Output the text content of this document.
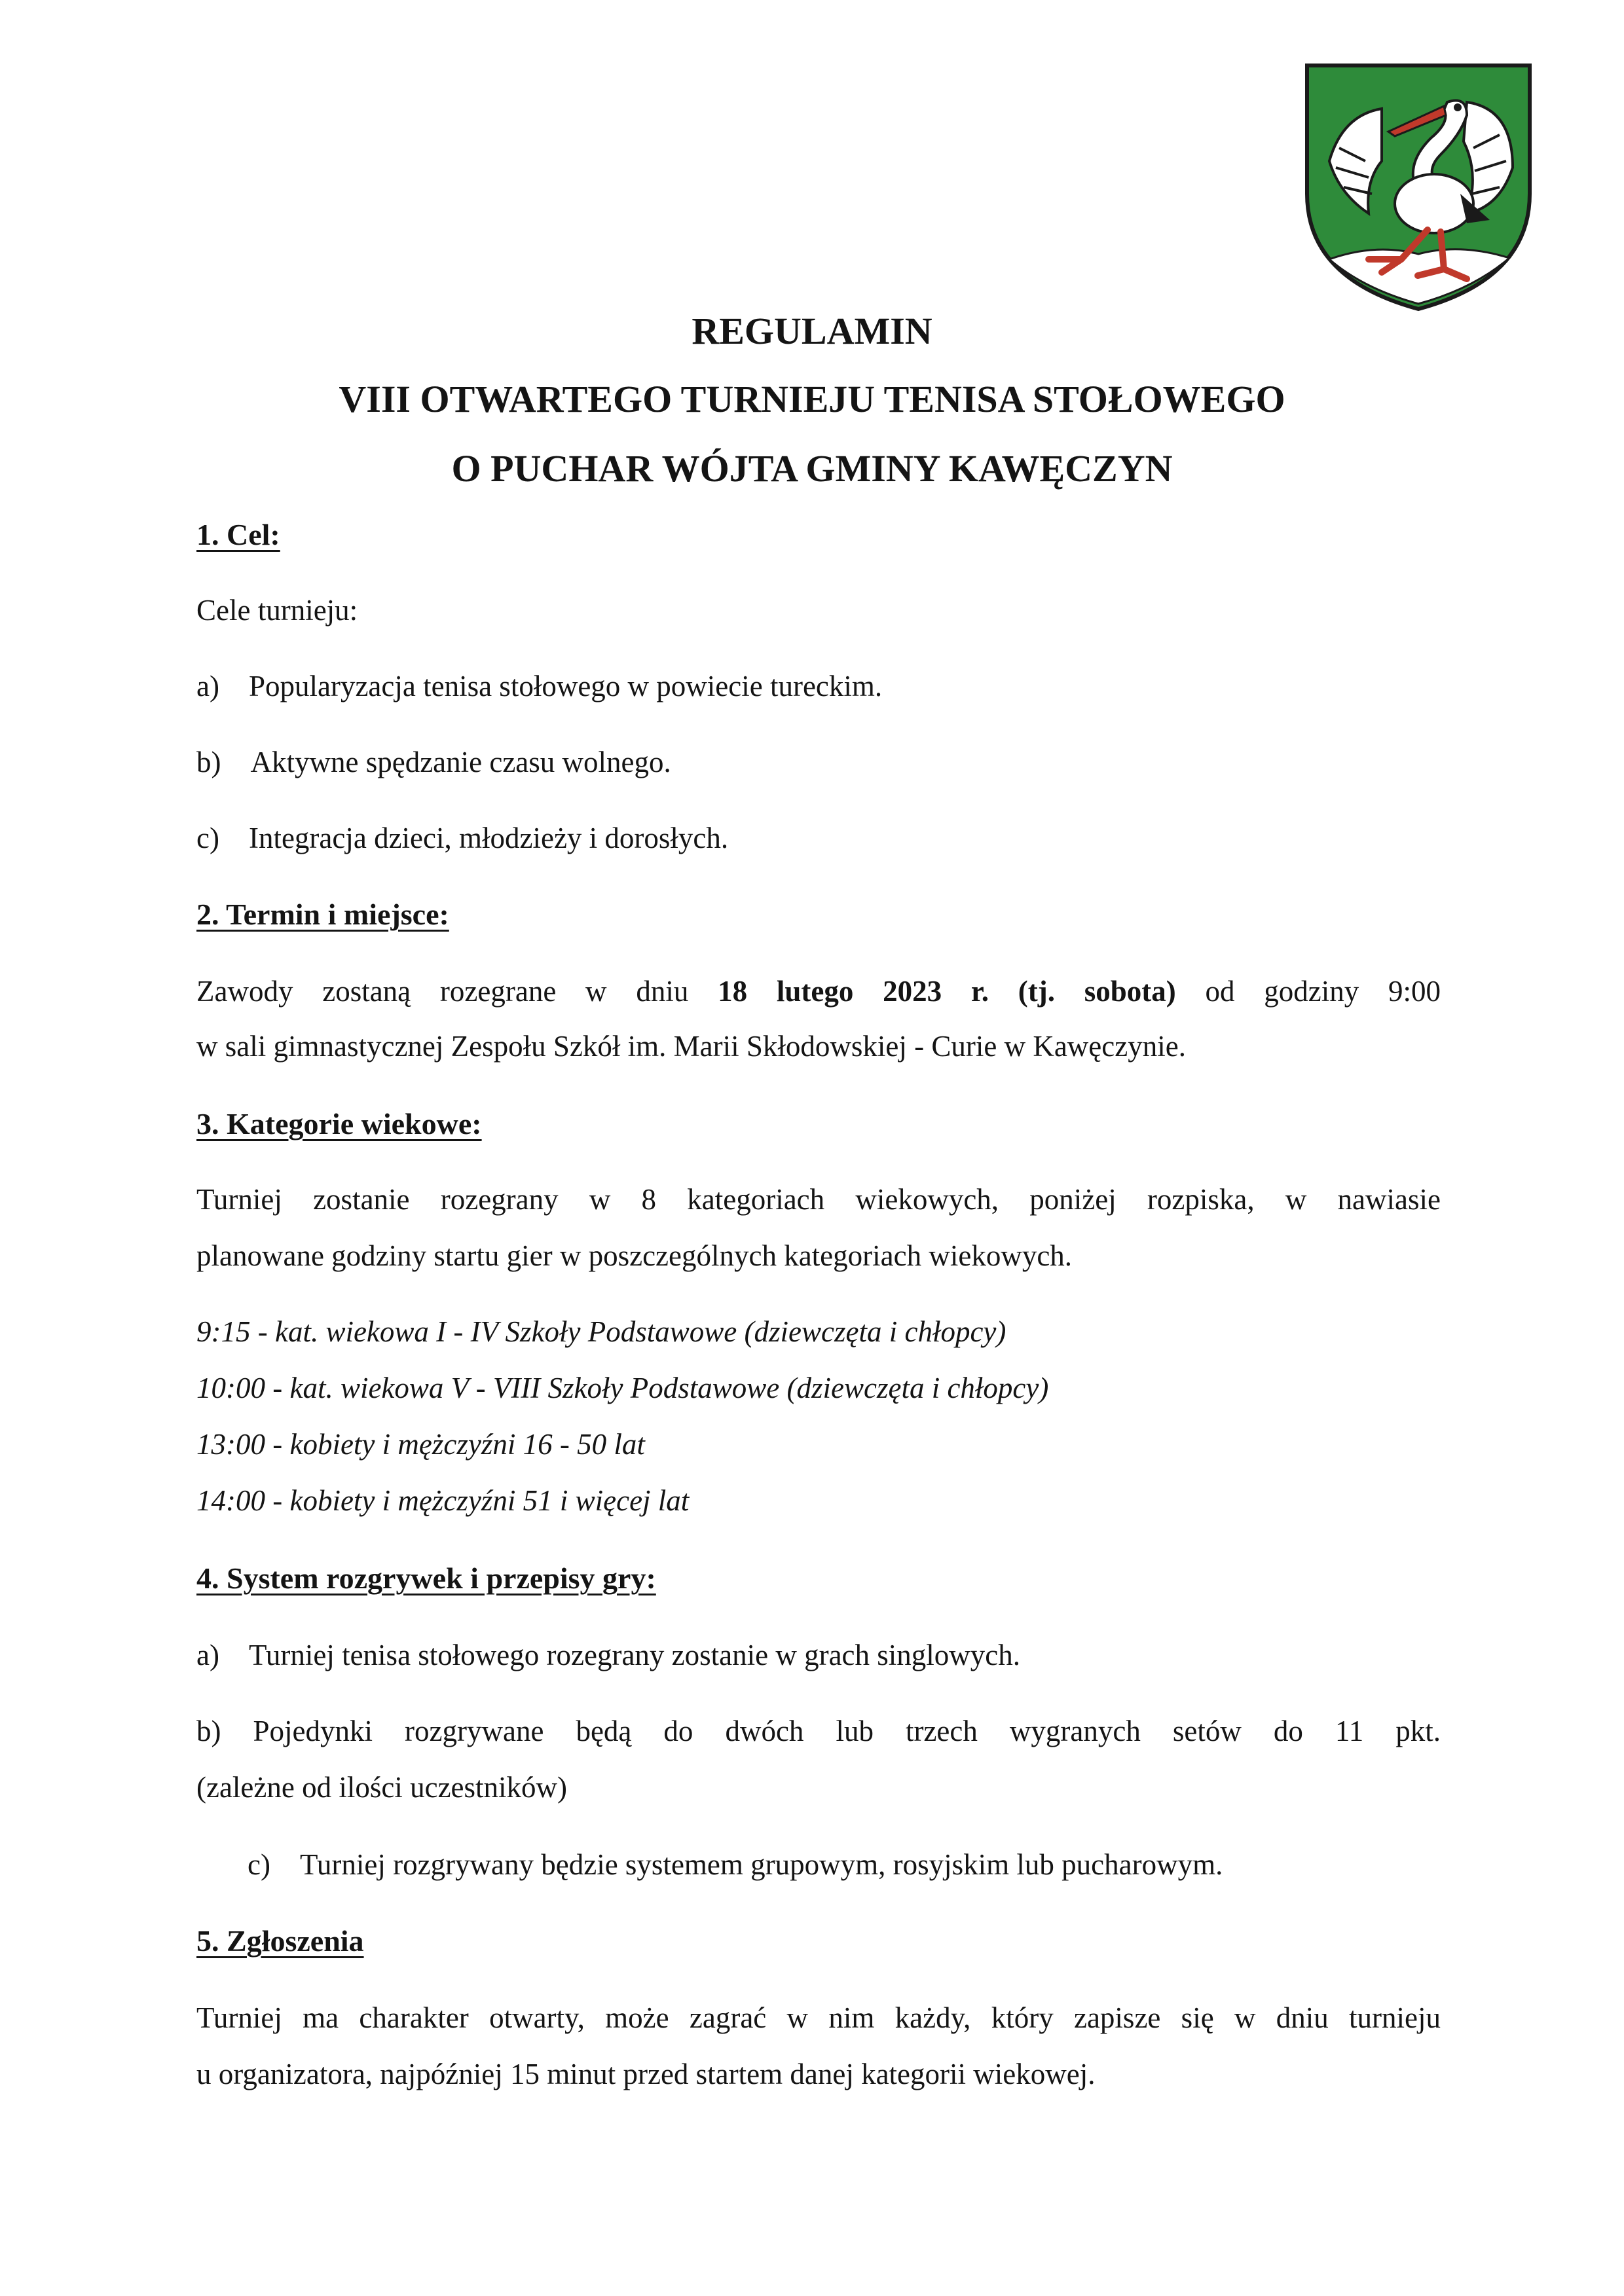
REGULAMIN
VIII OTWARTEGO TURNIEJU TENISA STOŁOWEGO
O PUCHAR WÓJTA GMINY KAWĘCZYN
1. Cel:
Cele turnieju:
a) Popularyzacja tenisa stołowego w powiecie tureckim.
b) Aktywne spędzanie czasu wolnego.
c) Integracja dzieci, młodzieży i dorosłych.
2. Termin i miejsce:
Zawody zostaną rozegrane w dniu 18 lutego 2023 r. (tj. sobota) od godziny 9:00
w sali gimnastycznej Zespołu Szkół im. Marii Skłodowskiej - Curie w Kawęczynie.
3. Kategorie wiekowe:
Turniej zostanie rozegrany w 8 kategoriach wiekowych, poniżej rozpiska, w nawiasie
planowane godziny startu gier w poszczególnych kategoriach wiekowych.
9:15 - kat. wiekowa I - IV Szkoły Podstawowe (dziewczęta i chłopcy)
10:00 - kat. wiekowa V - VIII Szkoły Podstawowe (dziewczęta i chłopcy)
13:00 - kobiety i mężczyźni 16 - 50 lat
14:00 - kobiety i mężczyźni 51 i więcej lat
4. System rozgrywek i przepisy gry:
a) Turniej tenisa stołowego rozegrany zostanie w grach singlowych.
b) Pojedynki rozgrywane będą do dwóch lub trzech wygranych setów do 11 pkt.
(zależne od ilości uczestników)
c) Turniej rozgrywany będzie systemem grupowym, rosyjskim lub pucharowym.
5. Zgłoszenia
Turniej ma charakter otwarty, może zagrać w nim każdy, który zapisze się w dniu turnieju
u organizatora, najpóźniej 15 minut przed startem danej kategorii wiekowej.
